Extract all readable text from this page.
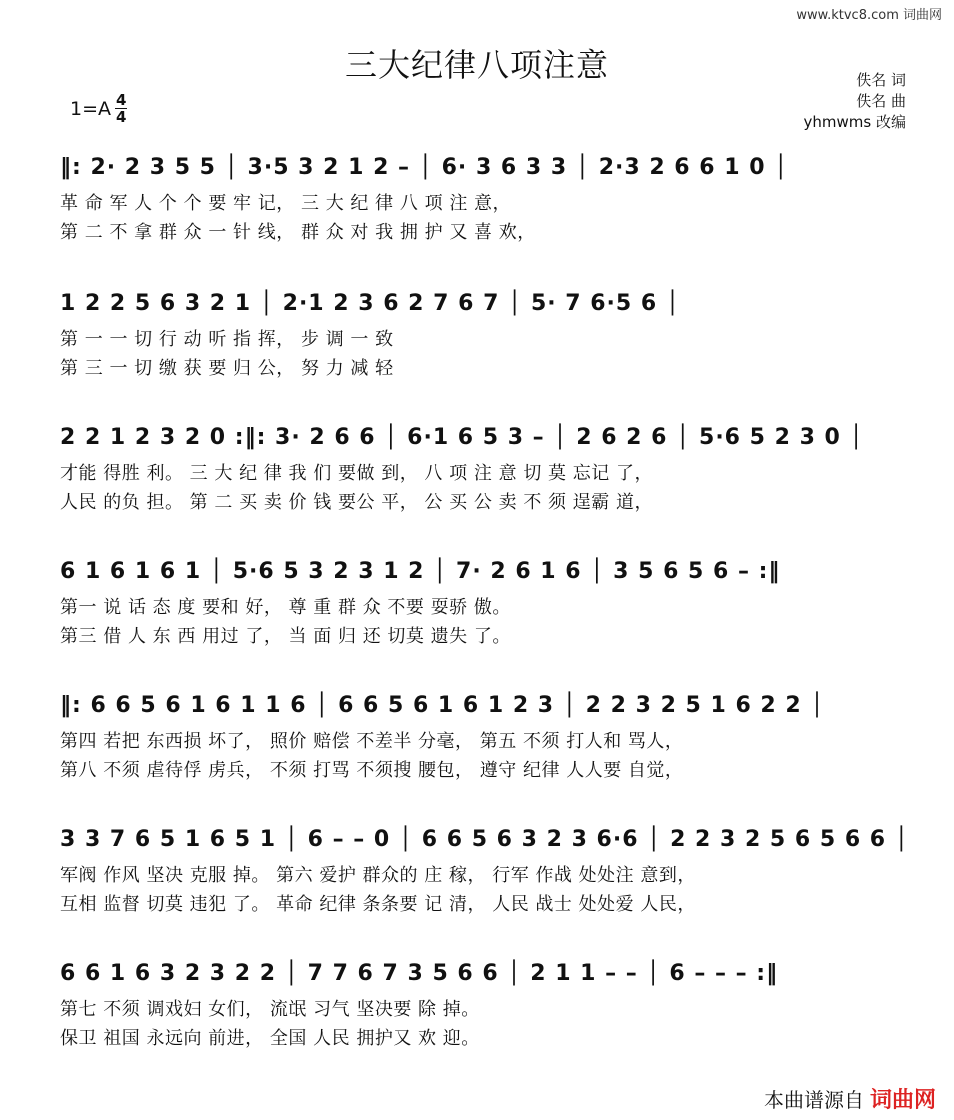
www.ktvc8.com 词曲网
三大纪律八项注意
$1=A \frac{4}{4}$
佚名 词
佚名 曲
yhmwms 改编
‖: 2· 2 3 5 5 │ 3·5 3 2 1 2 – │ 6· 3 6 3 3 │ 2·3 2 6 6 1 0 │
革 命 军 人 个 个 要 牢 记， 三 大 纪 律 八 项 注 意，
第 二 不 拿 群 众 一 针 线， 群 众 对 我 拥 护 又 喜 欢，
1 2 2 5 6 3 2 1 │ 2·1 2 3 6 2 7 6 7 │ 5· 7 6·5 6 │
第 一 一 切 行 动 听 指 挥， 步 调 一 致
第 三 一 切 缴 获 要 归 公， 努 力 减 轻
2 2 1 2 3 2 0 :‖: 3· 2 6 6 │ 6·1 6 5 3 – │ 2 6 2 6 │ 5·6 5 2 3 0 │
才能 得胜 利。 三 大 纪 律 我 们 要做 到， 八 项 注 意 切 莫 忘记 了，
人民 的负 担。 第 二 买 卖 价 钱 要公 平， 公 买 公 卖 不 须 逞霸 道，
6 1 6 1 6 1 │ 5·6 5 3 2 3 1 2 │ 7· 2 6 1 6 │ 3 5 6 5 6 – :‖
第一 说 话 态 度 要和 好， 尊 重 群 众 不要 耍骄 傲。
第三 借 人 东 西 用过 了， 当 面 归 还 切莫 遗失 了。
‖: 6 6 5 6 1 6 1 1 6 │ 6 6 5 6 1 6 1 2 3 │ 2 2 3 2 5 1 6 2 2 │
第四 若把 东西损 坏了， 照价 赔偿 不差半 分毫， 第五 不须 打人和 骂人，
第八 不须 虐待俘 虏兵， 不须 打骂 不须搜 腰包， 遵守 纪律 人人要 自觉，
3 3 7 6 5 1 6 5 1 │ 6 – – 0 │ 6 6 5 6 3 2 3 6·6 │ 2 2 3 2 5 6 5 6 6 │
军阀 作风 坚决 克服 掉。 第六 爱护 群众的 庄 稼， 行军 作战 处处注 意到，
互相 监督 切莫 违犯 了。 革命 纪律 条条要 记 清， 人民 战士 处处爱 人民，
6 6 1 6 3 2 3 2 2 │ 7 7 6 7 3 5 6 6 │ 2 1 1 – – │ 6 – – – :‖
第七 不须 调戏妇 女们， 流氓 习气 坚决要 除 掉。
保卫 祖国 永远向 前进， 全国 人民 拥护又 欢 迎。
本曲谱源自 词曲网
